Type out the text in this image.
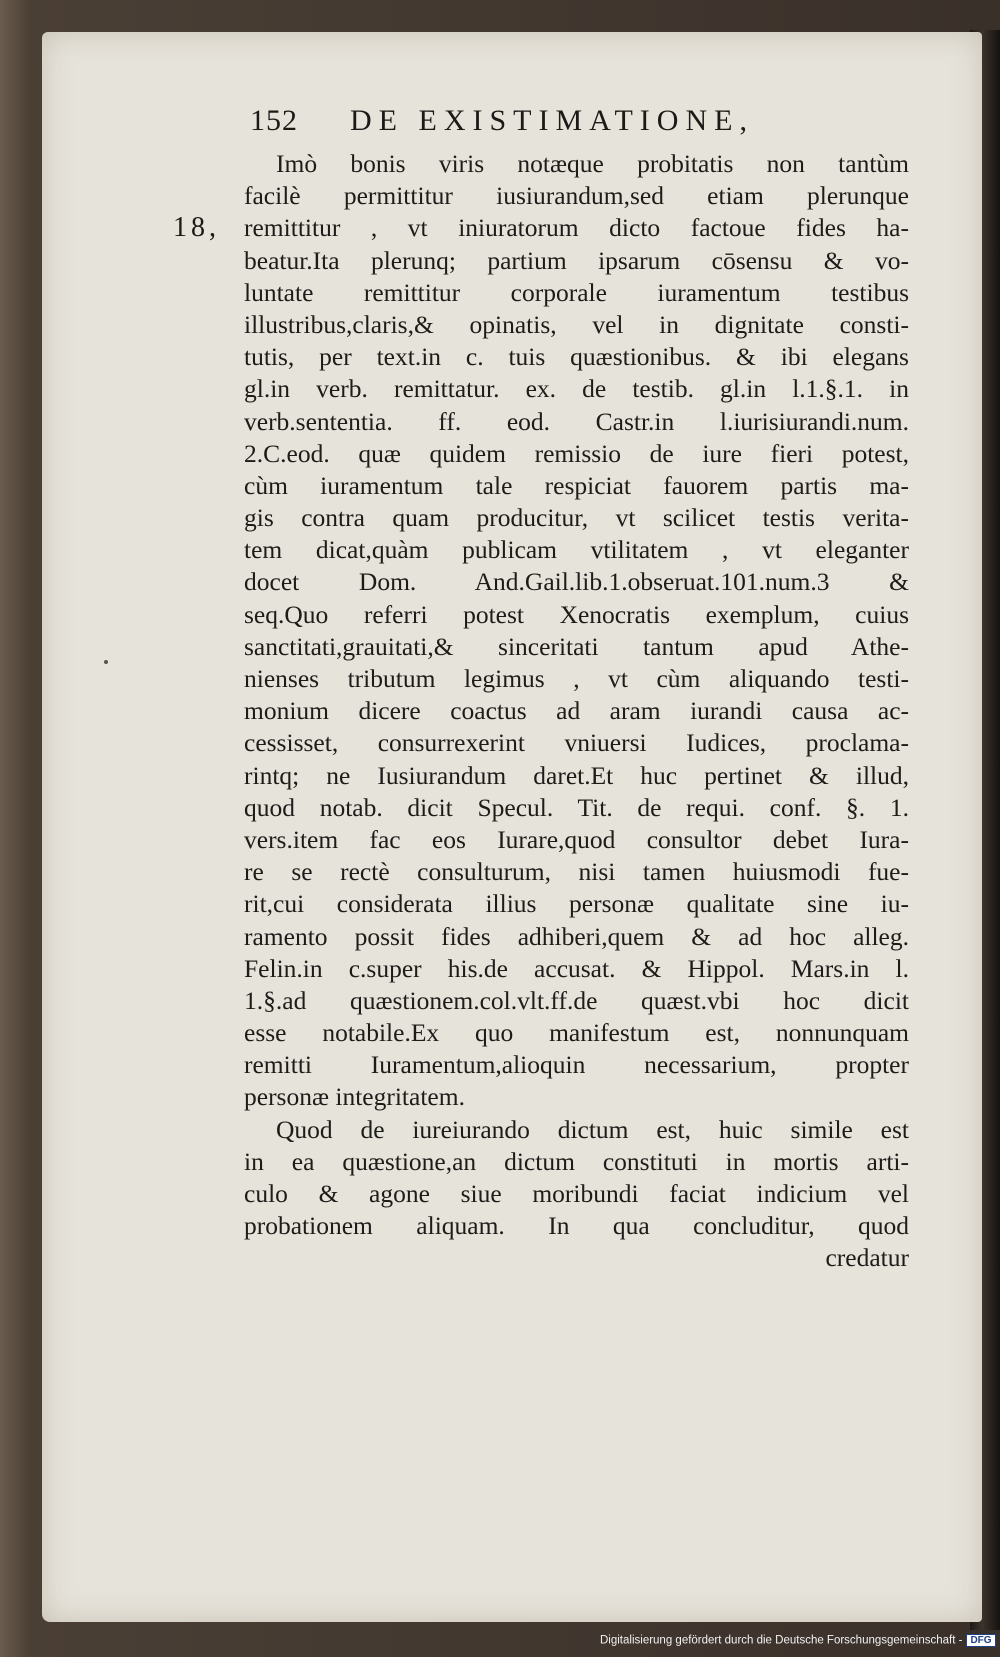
152 DE EXISTIMATIONE,
18,
Imò bonis viris notæque probitatis non tantùm
facilè permittitur iusiurandum,sed etiam plerunque
remittitur , vt iniuratorum dicto factoue fides ha-
beatur.Ita plerunq; partium ipsarum cōsensu & vo-
luntate remittitur corporale iuramentum testibus
illustribus,claris,& opinatis, vel in dignitate consti-
tutis, per text.in c. tuis quæstionibus. & ibi elegans
gl.in verb. remittatur. ex. de testib. gl.in l.1.§.1. in
verb.sententia. ff. eod. Castr.in l.iurisiurandi.num.
2.C.eod. quæ quidem remissio de iure fieri potest,
cùm iuramentum tale respiciat fauorem partis ma-
gis contra quam producitur, vt scilicet testis verita-
tem dicat,quàm publicam vtilitatem , vt eleganter
docet Dom. And.Gail.lib.1.obseruat.101.num.3 &
seq.Quo referri potest Xenocratis exemplum, cuius
sanctitati,grauitati,& sinceritati tantum apud Athe-
nienses tributum legimus , vt cùm aliquando testi-
monium dicere coactus ad aram iurandi causa ac-
cessisset, consurrexerint vniuersi Iudices, proclama-
rintq; ne Iusiurandum daret.Et huc pertinet & illud,
quod notab. dicit Specul. Tit. de requi. conf. §. 1.
vers.item fac eos Iurare,quod consultor debet Iura-
re se rectè consulturum, nisi tamen huiusmodi fue-
rit,cui considerata illius personæ qualitate sine iu-
ramento possit fides adhiberi,quem & ad hoc alleg.
Felin.in c.super his.de accusat. & Hippol. Mars.in l.
1.§.ad quæstionem.col.vlt.ff.de quæst.vbi hoc dicit
esse notabile.Ex quo manifestum est, nonnunquam
remitti Iuramentum,alioquin necessarium, propter
personæ integritatem.
Quod de iureiurando dictum est, huic simile est
in ea quæstione,an dictum constituti in mortis arti-
culo & agone siue moribundi faciat indicium vel
probationem aliquam. In qua concluditur, quod
credatur
Digitalisierung gefördert durch die Deutsche Forschungsgemeinschaft - DFG
